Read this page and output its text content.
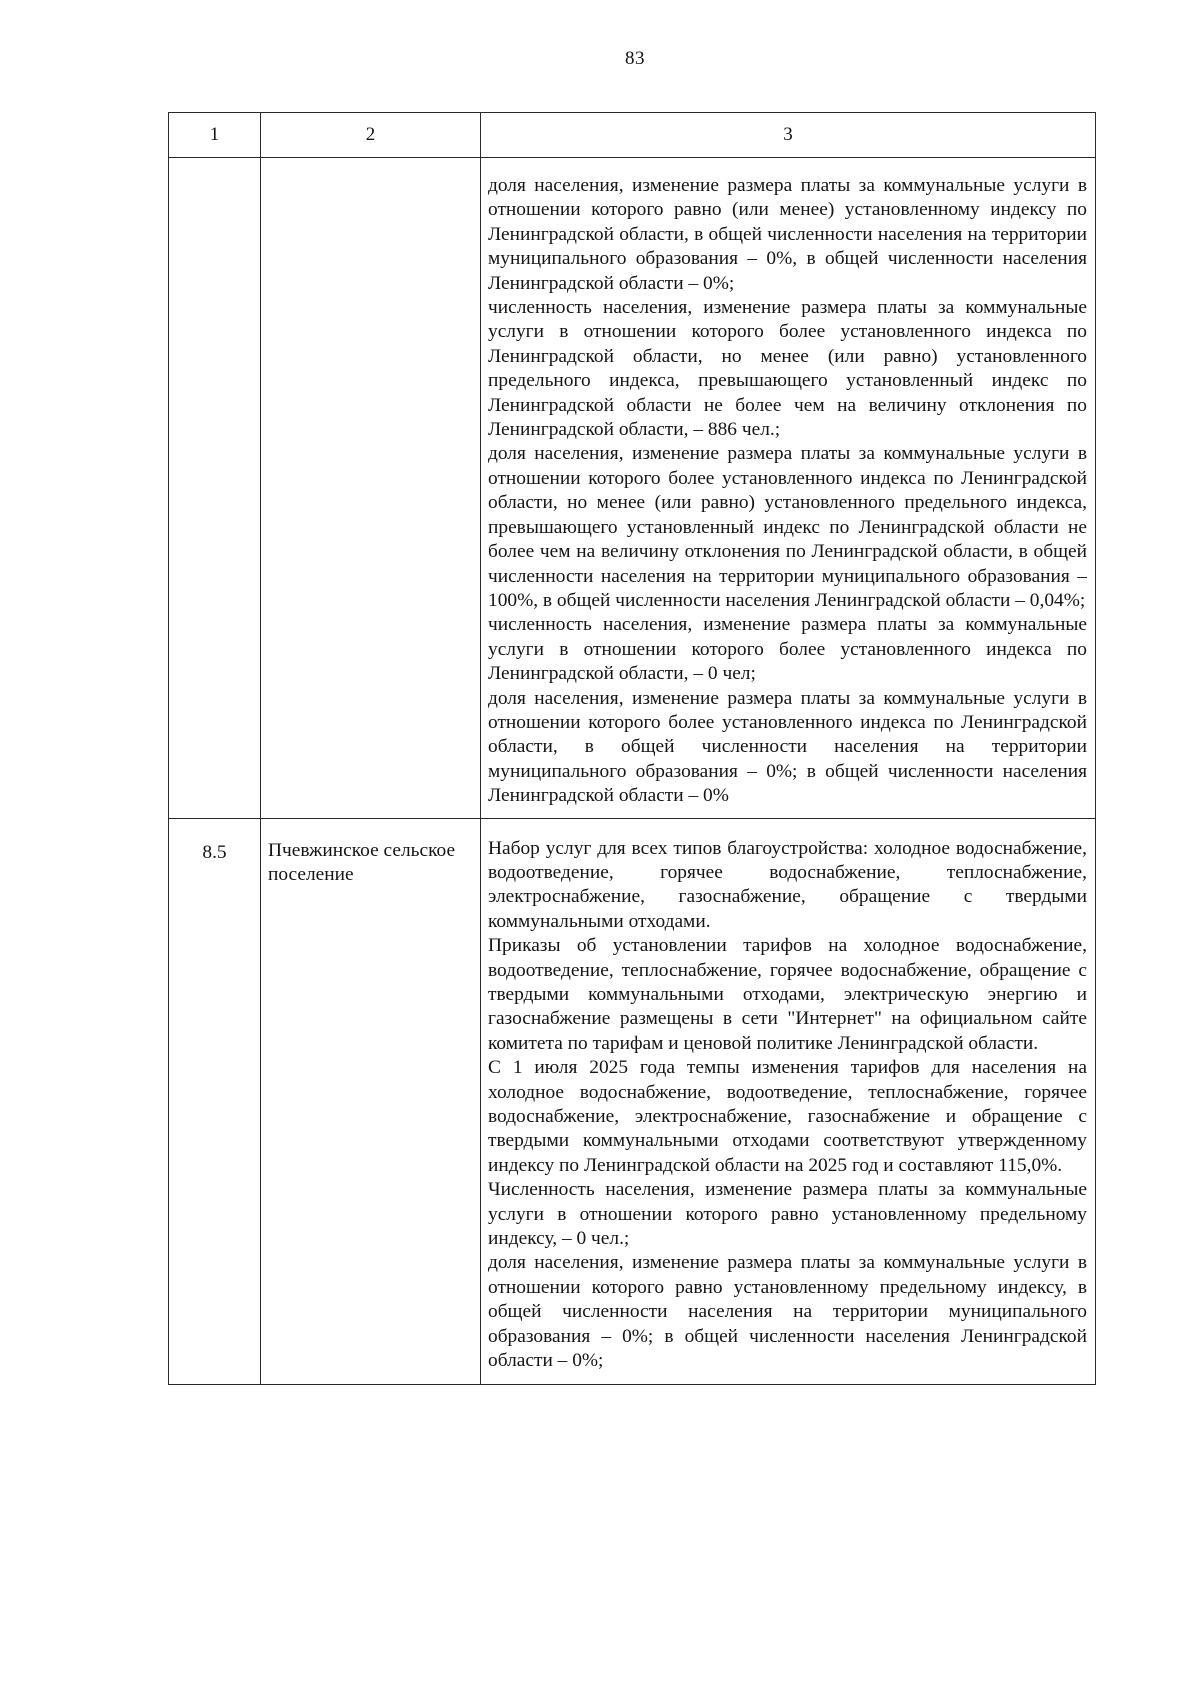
83
1	2	3

		доля населения, изменение размера платы за коммунальные услуги в отношении которого равно (или менее) установленному индексу по Ленинградской области, в общей численности населения на территории муниципального образования – 0%, в общей численности населения Ленинградской области – 0%;

численность населения, изменение размера платы за коммунальные услуги в отношении которого более установленного индекса по Ленинградской области, но менее (или равно) установленного предельного индекса, превышающего установленный индекс по Ленинградской области не более чем на величину отклонения по Ленинградской области, – 886 чел.;

доля населения, изменение размера платы за коммунальные услуги в отношении которого более установленного индекса по Ленинградской области, но менее (или равно) установленного предельного индекса, превышающего установленный индекс по Ленинградской области не более чем на величину отклонения по Ленинградской области, в общей численности населения на территории муниципального образования – 100%, в общей численности населения Ленинградской области – 0,04%;

численность населения, изменение размера платы за коммунальные услуги в отношении которого более установленного индекса по Ленинградской области, – 0 чел;

доля населения, изменение размера платы за коммунальные услуги в отношении которого более установленного индекса по Ленинградской области, в общей численности населения на территории муниципального образования – 0%; в общей численности населения Ленинградской области – 0%

8.5	Пчевжинское сельское поселение	Набор услуг для всех типов благоустройства: холодное водоснабжение, водоотведение, горячее водоснабжение, теплоснабжение, электроснабжение, газоснабжение, обращение с твердыми коммунальными отходами.

Приказы об установлении тарифов на холодное водоснабжение, водоотведение, теплоснабжение, горячее водоснабжение, обращение с твердыми коммунальными отходами, электрическую энергию и газоснабжение размещены в сети "Интернет" на официальном сайте комитета по тарифам и ценовой политике Ленинградской области.

С 1 июля 2025 года темпы изменения тарифов для населения на холодное водоснабжение, водоотведение, теплоснабжение, горячее водоснабжение, электроснабжение, газоснабжение и обращение с твердыми коммунальными отходами соответствуют утвержденному индексу по Ленинградской области на 2025 год и составляют 115,0%.

Численность населения, изменение размера платы за коммунальные услуги в отношении которого равно установленному предельному индексу, – 0 чел.;

доля населения, изменение размера платы за коммунальные услуги в отношении которого равно установленному предельному индексу, в общей численности населения на территории муниципального образования – 0%; в общей численности населения Ленинградской области – 0%;
